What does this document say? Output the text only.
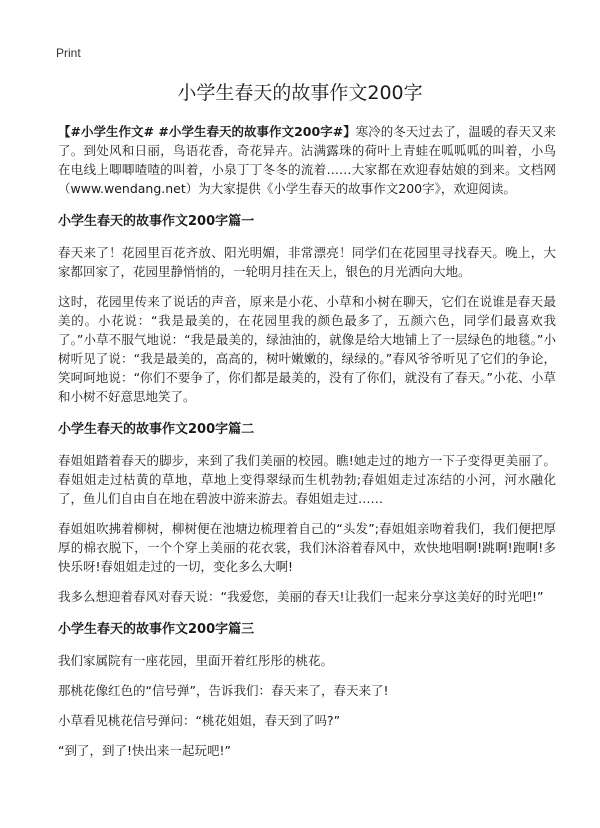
Print
小学生春天的故事作文200字

【#小学生作文# #小学生春天的故事作文200字#】寒冷的冬天过去了，温暖的春天又来了。到处风和日丽，鸟语花香，奇花异卉。沾满露珠的荷叶上青蛙在呱呱呱的叫着，小鸟在电线上唧唧喳喳的叫着，小泉丁丁冬冬的流着……大家都在欢迎春姑娘的到来。文档网（www.wendang.net）为大家提供《小学生春天的故事作文200字》，欢迎阅读。

小学生春天的故事作文200字篇一

春天来了！花园里百花齐放、阳光明媚，非常漂亮！同学们在花园里寻找春天。晚上，大家都回家了，花园里静悄悄的，一轮明月挂在天上，银色的月光洒向大地。

这时，花园里传来了说话的声音，原来是小花、小草和小树在聊天，它们在说谁是春天最美的。小花说：“我是最美的，在花园里我的颜色最多了，五颜六色，同学们最喜欢我了。”小草不服气地说：“我是最美的，绿油油的，就像是给大地铺上了一层绿色的地毯。”小树听见了说：“我是最美的，高高的，树叶嫩嫩的，绿绿的。”春风爷爷听见了它们的争论，笑呵呵地说：“你们不要争了，你们都是最美的，没有了你们，就没有了春天。”小花、小草和小树不好意思地笑了。

小学生春天的故事作文200字篇二

春姐姐踏着春天的脚步，来到了我们美丽的校园。瞧!她走过的地方一下子变得更美丽了。春姐姐走过枯黄的草地，草地上变得翠绿而生机勃勃;春姐姐走过冻结的小河，河水融化了，鱼儿们自由自在地在碧波中游来游去。春姐姐走过……

春姐姐吹拂着柳树，柳树便在池塘边梳理着自己的“头发”;春姐姐亲吻着我们，我们便把厚厚的棉衣脱下，一个个穿上美丽的花衣裳，我们沐浴着春风中，欢快地唱啊!跳啊!跑啊!多快乐呀!春姐姐走过的一切，变化多么大啊!

我多么想迎着春风对春天说：“我爱您，美丽的春天!让我们一起来分享这美好的时光吧!”

小学生春天的故事作文200字篇三

我们家属院有一座花园，里面开着红彤彤的桃花。

那桃花像红色的“信号弹”，告诉我们：春天来了，春天来了!

小草看见桃花信号弹问：“桃花姐姐，春天到了吗?”

“到了，到了!快出来一起玩吧!”
